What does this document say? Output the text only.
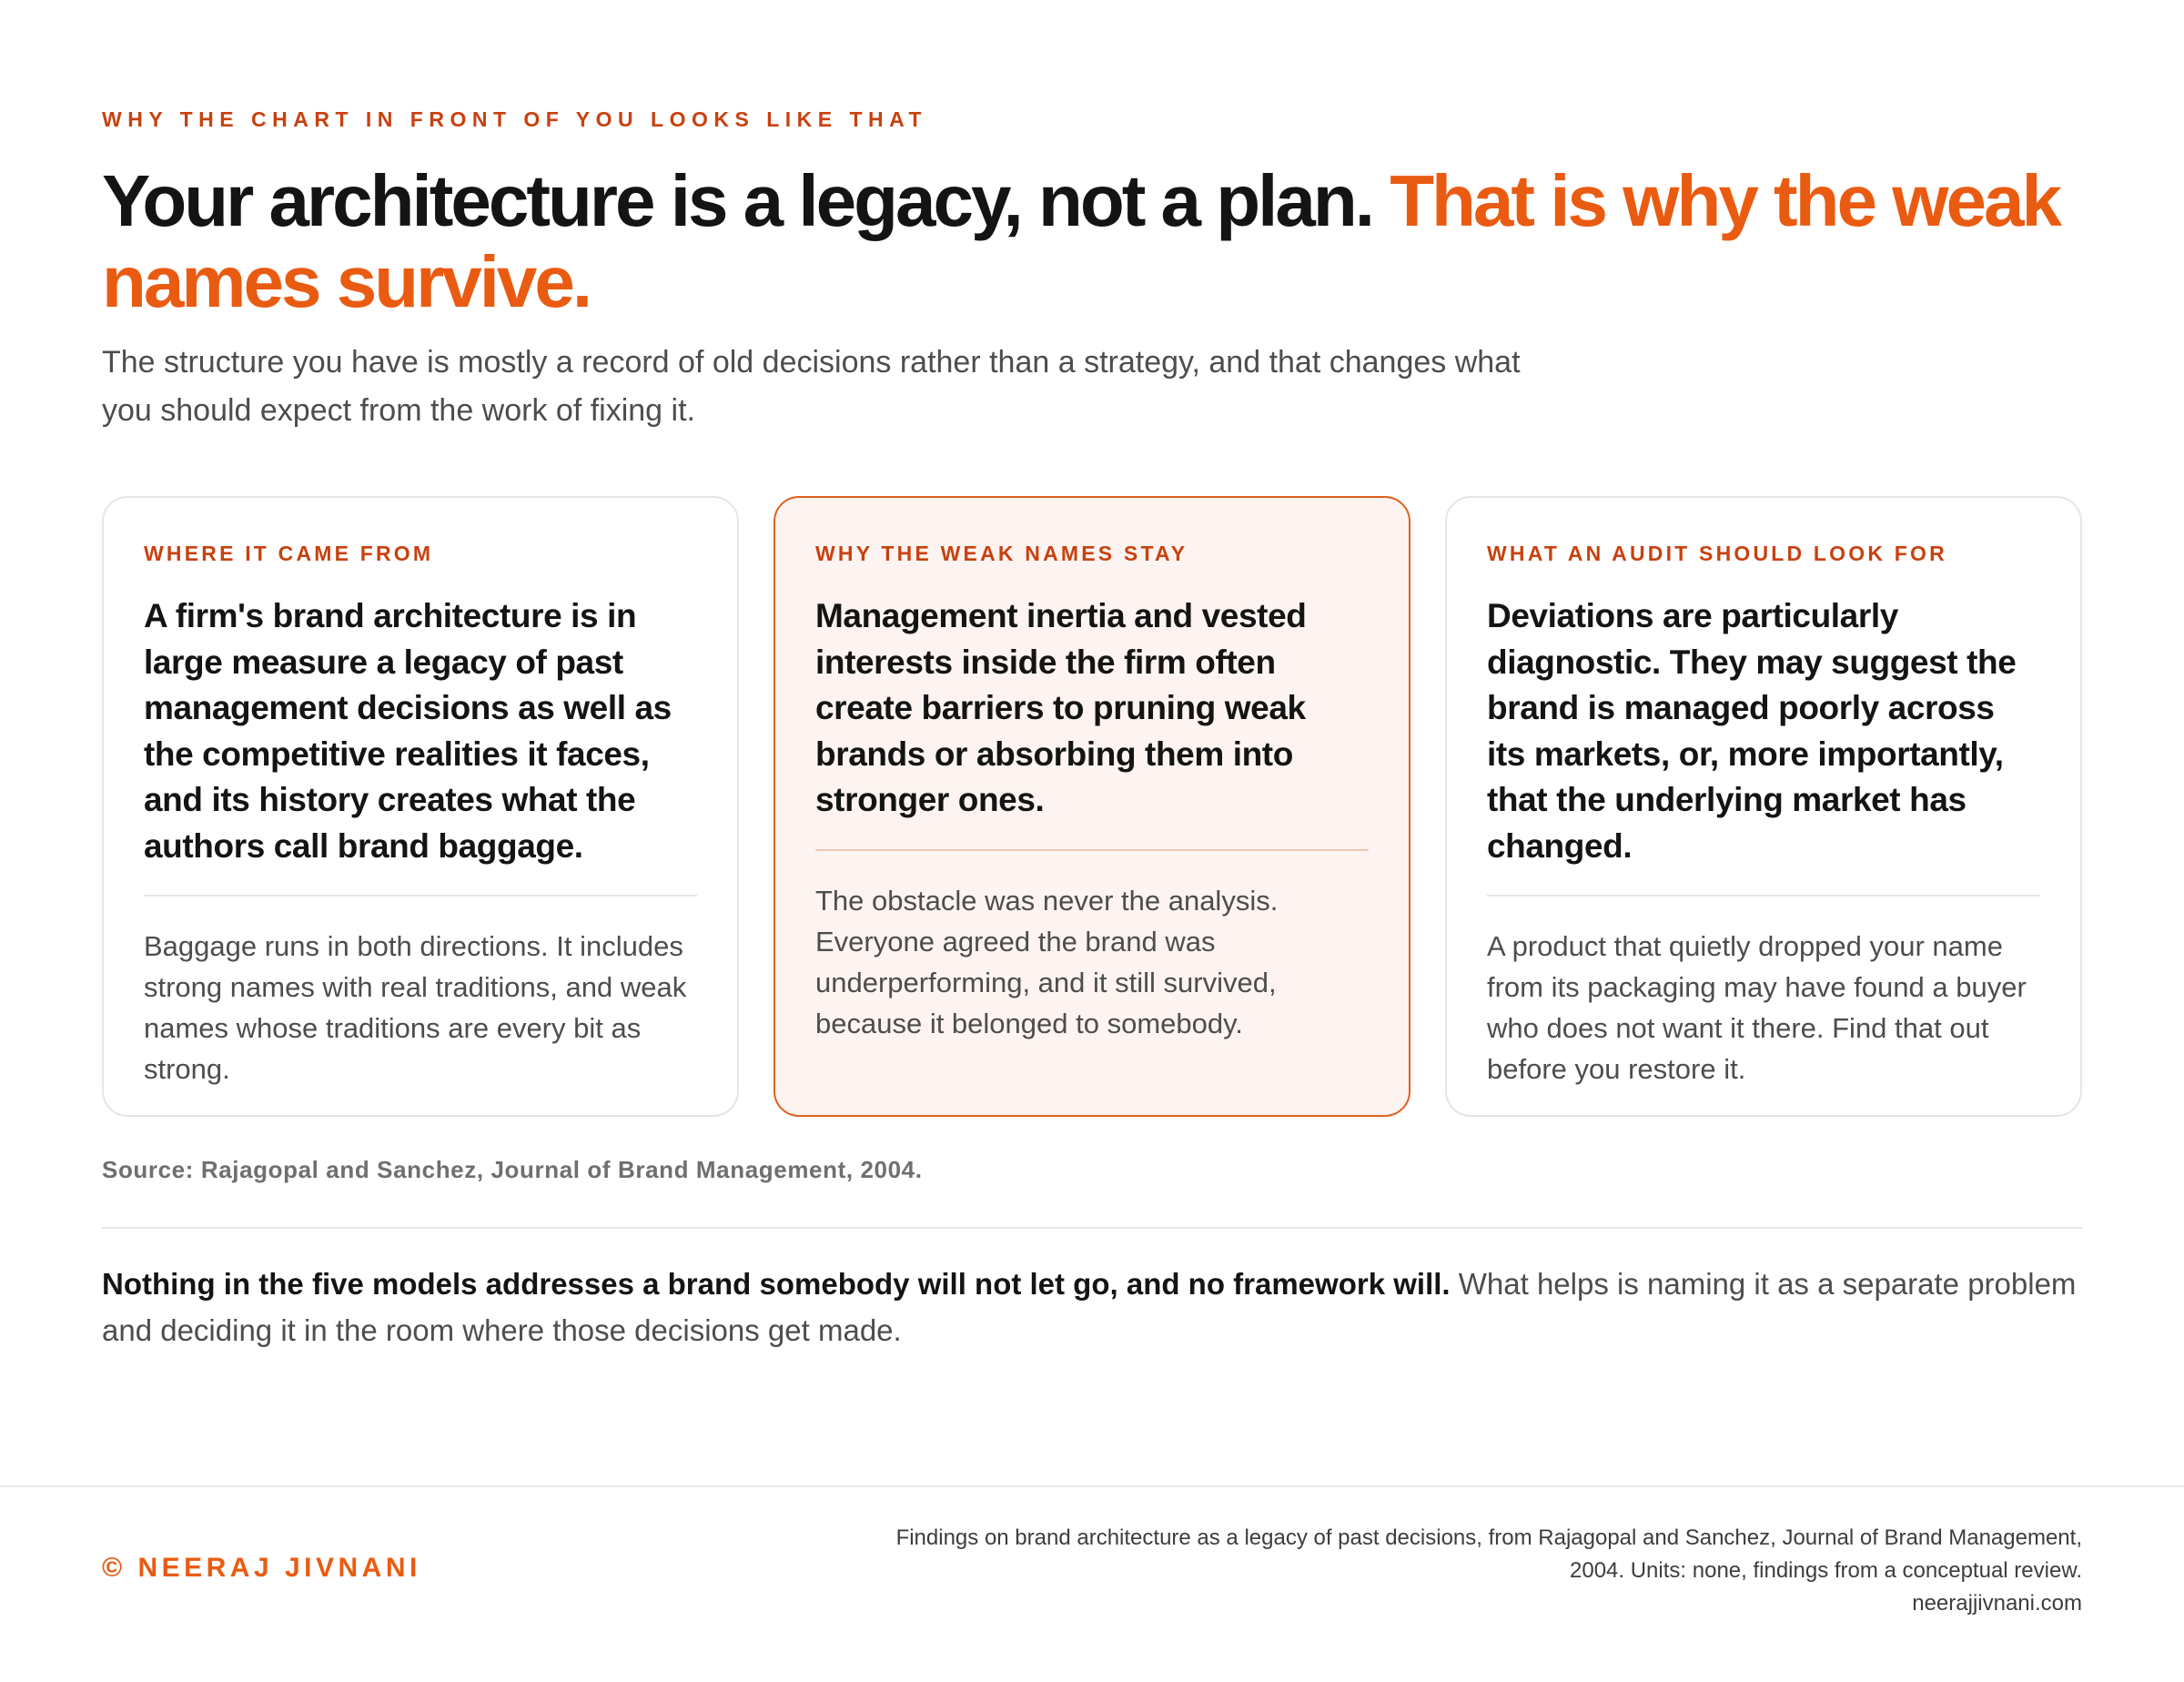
WHY THE CHART IN FRONT OF YOU LOOKS LIKE THAT
Your architecture is a legacy, not a plan. That is why the weak names survive.

The structure you have is mostly a record of old decisions rather than a strategy, and that changes what you should expect from the work of fixing it.

WHERE IT CAME FROM
A firm's brand architecture is in large measure a legacy of past management decisions as well as the competitive realities it faces, and its history creates what the authors call brand baggage.
Baggage runs in both directions. It includes strong names with real traditions, and weak names whose traditions are every bit as strong.
WHY THE WEAK NAMES STAY
Management inertia and vested interests inside the firm often create barriers to pruning weak brands or absorbing them into stronger ones.
The obstacle was never the analysis. Everyone agreed the brand was underperforming, and it still survived, because it belonged to somebody.
WHAT AN AUDIT SHOULD LOOK FOR
Deviations are particularly diagnostic. They may suggest the brand is managed poorly across its markets, or, more importantly, that the underlying market has changed.
A product that quietly dropped your name from its packaging may have found a buyer who does not want it there. Find that out before you restore it.
Source: Rajagopal and Sanchez, Journal of Brand Management, 2004.

Nothing in the five models addresses a brand somebody will not let go, and no framework will. What helps is naming it as a separate problem and deciding it in the room where those decisions get made.

© NEERAJ JIVNANI
Findings on brand architecture as a legacy of past decisions, from Rajagopal and Sanchez, Journal of Brand Management,
2004. Units: none, findings from a conceptual review.
neerajjivnani.com
